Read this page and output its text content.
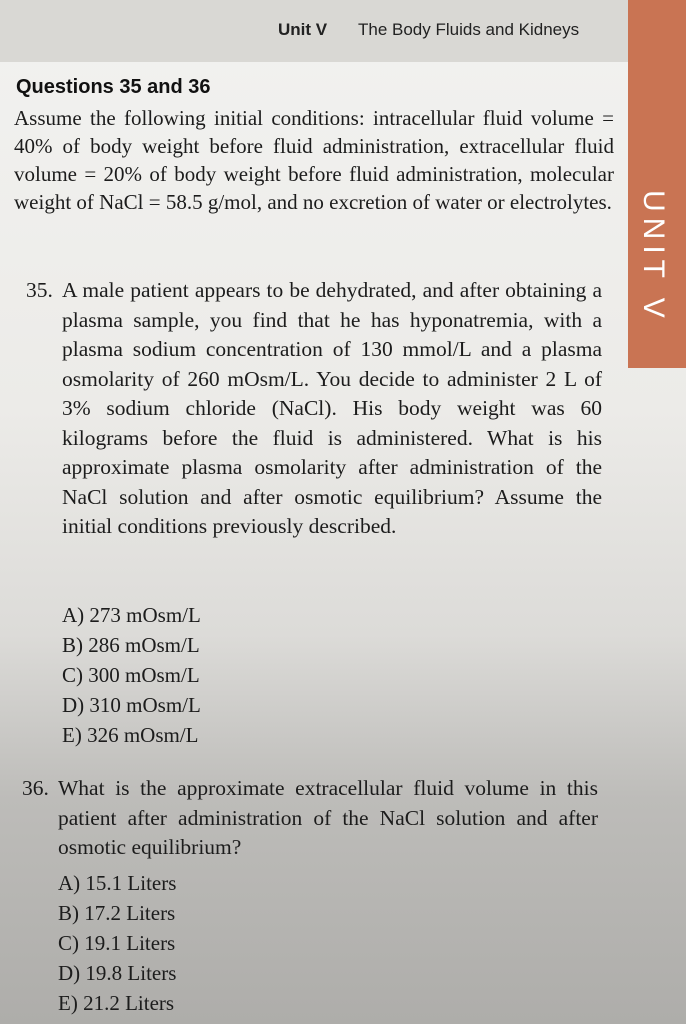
Unit V The Body Fluids and Kidneys
UNIT V
Questions 35 and 36
Assume the following initial conditions: intracellular fluid volume = 40% of body weight before fluid administration, extracellular fluid volume = 20% of body weight before fluid administration, molecular weight of NaCl = 58.5 g/mol, and no excretion of water or electrolytes.
35. A male patient appears to be dehydrated, and after obtaining a plasma sample, you find that he has hyponatremia, with a plasma sodium concentration of 130 mmol/L and a plasma osmolarity of 260 mOsm/L. You decide to administer 2 L of 3% sodium chloride (NaCl). His body weight was 60 kilograms before the fluid is administered. What is his approximate plasma osmolarity after administration of the NaCl solution and after osmotic equilibrium? Assume the initial conditions previously described.
A) 273 mOsm/L
B) 286 mOsm/L
C) 300 mOsm/L
D) 310 mOsm/L
E) 326 mOsm/L
36. What is the approximate extracellular fluid volume in this patient after administration of the NaCl solution and after osmotic equilibrium?
A) 15.1 Liters
B) 17.2 Liters
C) 19.1 Liters
D) 19.8 Liters
E) 21.2 Liters
